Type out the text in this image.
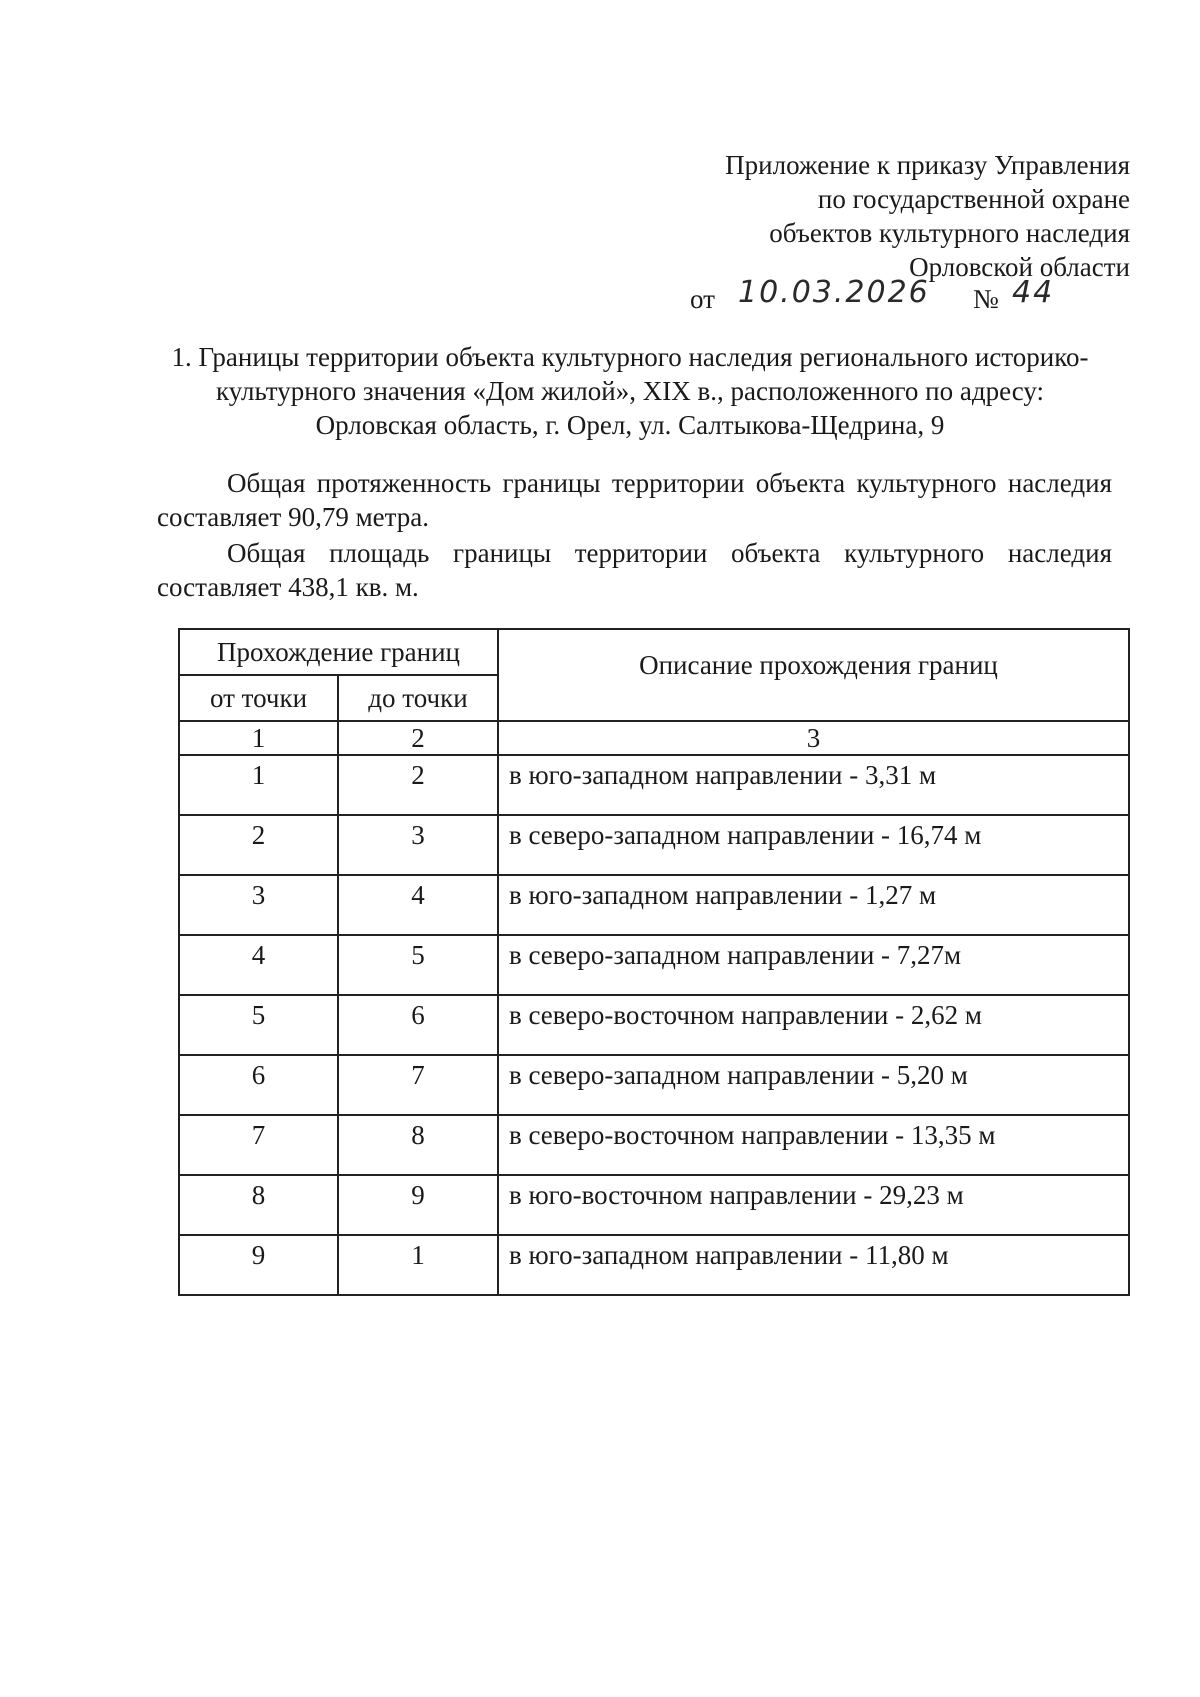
Приложение к приказу Управления
по государственной охране
объектов культурного наследия
Орловской области
от 10.03.2026 № 44
1. Границы территории объекта культурного наследия регионального историко-
культурного значения «Дом жилой», XIX в., расположенного по адресу:
Орловская область, г. Орел, ул. Салтыкова-Щедрина, 9
Общая протяженность границы территории объекта культурного наследия составляет 90,79 метра.
Общая площадь границы территории объекта культурного наследия составляет 438,1 кв. м.
Прохождение границ		Описание прохождения границ
от точки	до точки	
1	2	3
1	2	в юго-западном направлении - 3,31 м
2	3	в северо-западном направлении - 16,74 м
3	4	в юго-западном направлении - 1,27 м
4	5	в северо-западном направлении - 7,27м
5	6	в северо-восточном направлении - 2,62 м
6	7	в северо-западном направлении - 5,20 м
7	8	в северо-восточном направлении - 13,35 м
8	9	в юго-восточном направлении - 29,23 м
9	1	в юго-западном направлении - 11,80 м
